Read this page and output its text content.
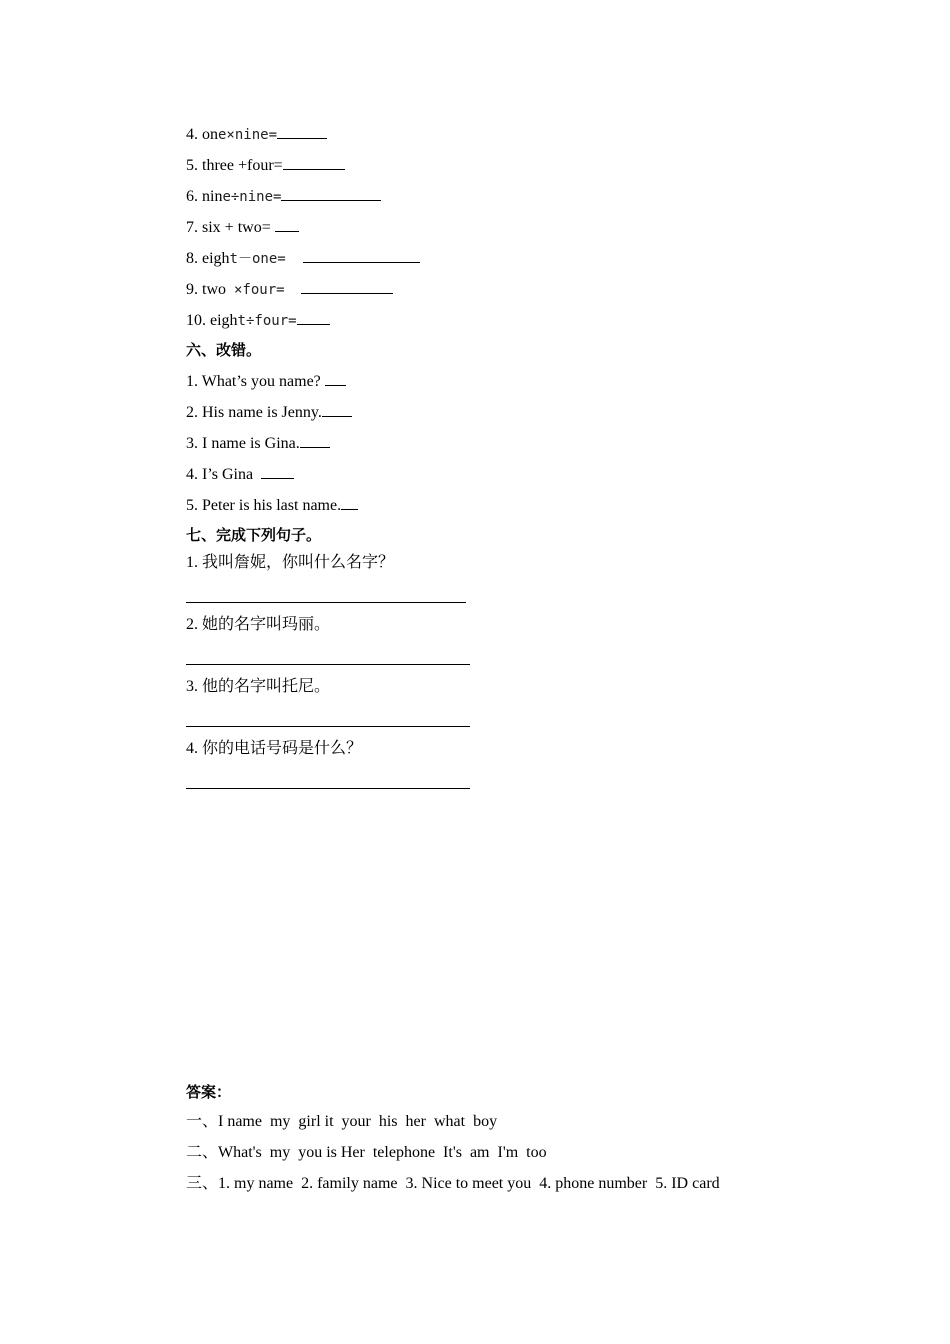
4. one×nine=
5. three +four=
6. nine÷nine=
7. six + two=
8. eight－one=
9. two  ×four=
10. eight÷four=
六、改错。
1. What’s you name?
2. His name is Jenny.
3. I name is Gina.
4. I’s Gina
5. Peter is his last name.
七、完成下列句子。
1. 我叫詹妮，你叫什么名字？
2. 她的名字叫玛丽。
3. 他的名字叫托尼。
4. 你的电话号码是什么？
答案：
一、I name  my  girl it  your  his  her  what  boy
二、What's  my  you is Her  telephone  It's  am  I'm  too
三、1. my name  2. family name  3. Nice to meet you  4. phone number  5. ID card
